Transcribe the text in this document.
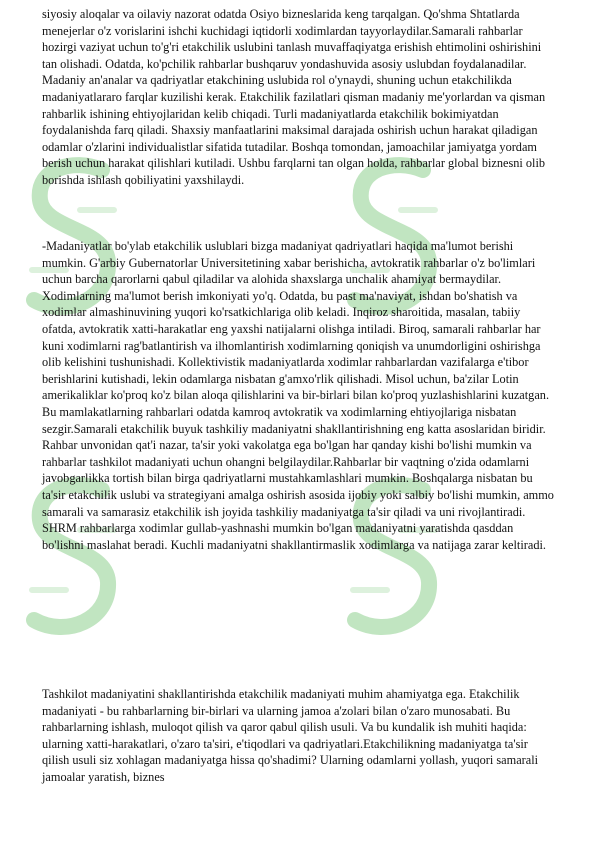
siyosiy aloqalar va oilaviy nazorat odatda Osiyo bizneslarida keng tarqalgan. Qo'shma Shtatlarda menejerlar o'z vorislarini ishchi kuchidagi iqtidorli xodimlardan tayyorlaydilar.Samarali rahbarlar hozirgi vaziyat uchun to'g'ri etakchilik uslubini tanlash muvaffaqiyatga erishish ehtimolini oshirishini tan olishadi. Odatda, ko'pchilik rahbarlar bushqaruv yondashuvida asosiy uslubdan foydalanadilar. Madaniy an'analar va qadriyatlar etakchining uslubida rol o'ynaydi, shuning uchun etakchilikda madaniyatlararo farqlar kuzilishi kerak. Etakchilik fazilatlari qisman madaniy me'yorlardan va qisman rahbarlik ishining ehtiyojlaridan kelib chiqadi. Turli madaniyatlarda etakchilik bokimiyatdan foydalanishda farq qiladi. Shaxsiy manfaatlarini maksimal darajada oshirish uchun harakat qiladigan odamlar o'zlarini individualistlar sifatida tutadilar. Boshqa tomondan, jamoachilar jamiyatga yordam berish uchun harakat qilishlari kutiladi. Ushbu farqlarni tan olgan holda, rahbarlar global biznesni olib borishda ishlash qobiliyatini yaxshilaydi.

-Madaniyatlar bo'ylab etakchilik uslublari bizga madaniyat qadriyatlari haqida ma'lumot berishi mumkin. G'arbiy Gubernatorlar Universitetining xabar berishicha, avtokratik rahbarlar o'z bo'limlari uchun barcha qarorlarni qabul qiladilar va alohida shaxslarga unchalik ahamiyat bermaydilar. Xodimlarning ma'lumot berish imkoniyati yo'q. Odatda, bu past ma'naviyat, ishdan bo'shatish va xodimlar almashinuvining yuqori ko'rsatkichlariga olib keladi. Inqiroz sharoitida, masalan, tabiiy ofatda, avtokratik xatti-harakatlar eng yaxshi natijalarni olishga intiladi. Biroq, samarali rahbarlar har kuni xodimlarni rag'batlantirish va ilhomlantirish xodimlarning qoniqish va unumdorligini oshirishga olib kelishini tushunishadi. Kollektivistik madaniyatlarda xodimlar rahbarlardan vazifalarga e'tibor berishlarini kutishadi, lekin odamlarga nisbatan g'amxo'rlik qilishadi. Misol uchun, ba'zilar Lotin amerikaliklar ko'proq ko'z bilan aloqa qilishlarini va bir-birlari bilan ko'proq yuzlashishlarini kuzatgan. Bu mamlakatlarning rahbarlari odatda kamroq avtokratik va xodimlarning ehtiyojlariga nisbatan sezgir.Samarali etakchilik buyuk tashkiliy madaniyatni shakllantirishning eng katta asoslaridan biridir. Rahbar unvonidan qat'i nazar, ta'sir yoki vakolatga ega bo'lgan har qanday kishi bo'lishi mumkin va rahbarlar tashkilot madaniyati uchun ohangni belgilaydilar.Rahbarlar bir vaqtning o'zida odamlarni javobgarlikka tortish bilan birga qadriyatlarni mustahkamlashlari mumkin. Boshqalarga nisbatan bu ta'sir etakchilik uslubi va strategiyani amalga oshirish asosida ijobiy yoki salbiy bo'lishi mumkin, ammo samarali va samarasiz etakchilik ish joyida tashkiliy madaniyatga ta'sir qiladi va uni rivojlantiradi. SHRM rahbarlarga xodimlar gullab-yashnashi mumkin bo'lgan madaniyatni yaratishda qasddan bo'lishni maslahat beradi. Kuchli madaniyatni shakllantirmaslik xodimlarga va natijaga zarar keltiradi.

Tashkilot madaniyatini shakllantirishda etakchilik madaniyati muhim ahamiyatga ega. Etakchilik madaniyati - bu rahbarlarning bir-birlari va ularning jamoa a'zolari bilan o'zaro munosabati. Bu rahbarlarning ishlash, muloqot qilish va qaror qabul qilish usuli. Va bu kundalik ish muhiti haqida: ularning xatti-harakatlari, o'zaro ta'siri, e'tiqodlari va qadriyatlari.Etakchilikning madaniyatga ta'sir qilish usuli siz xohlagan madaniyatga hissa qo'shadimi? Ularning odamlarni yollash, yuqori samarali jamoalar yaratish, biznes
